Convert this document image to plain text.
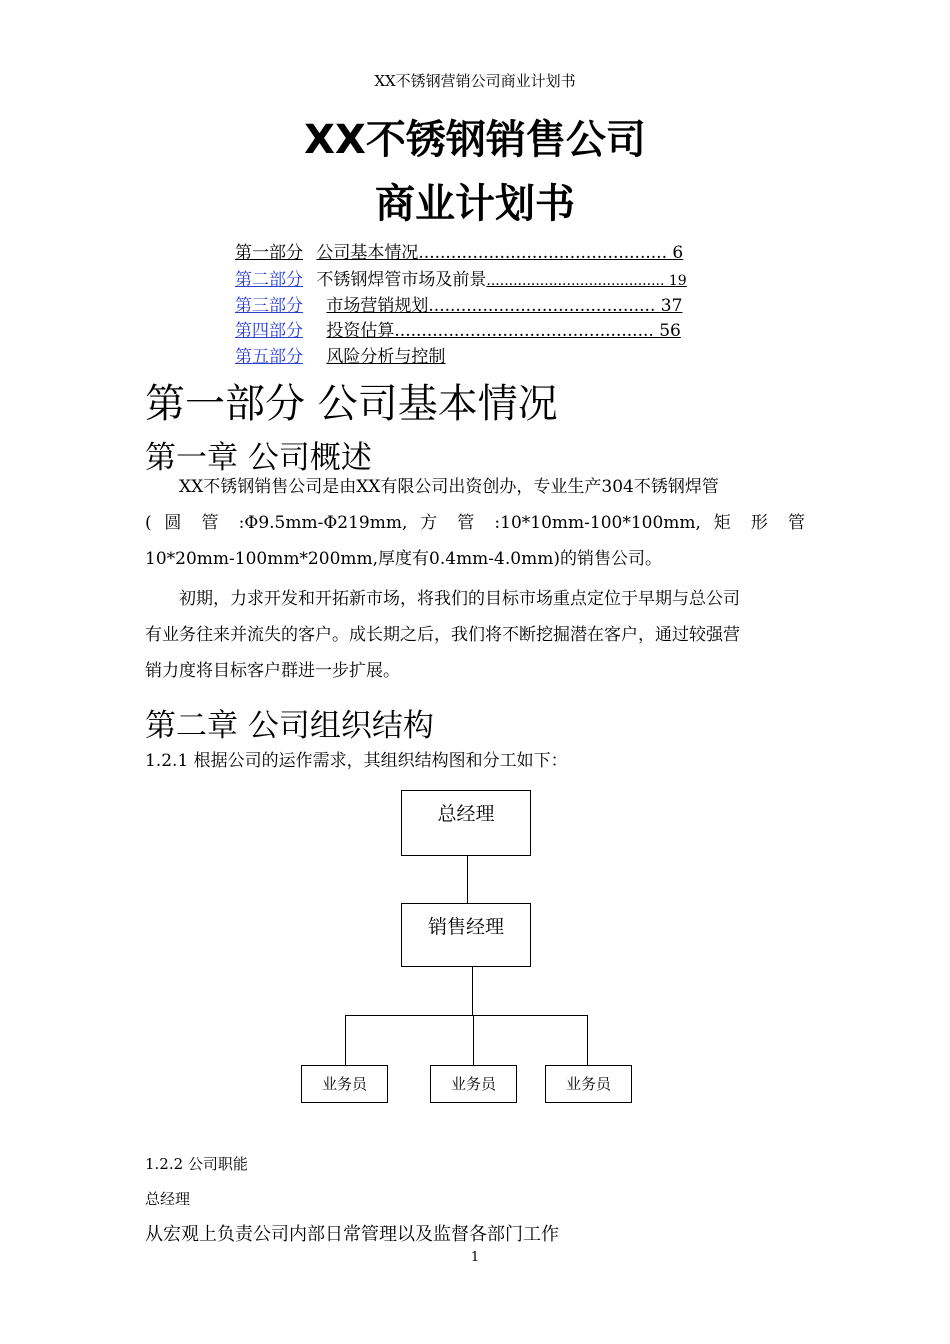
XX不锈钢营销公司商业计划书
XX不锈钢销售公司
商业计划书
第一部分 公司基本情况.............................................. 6
第二部分 不锈钢焊管市场及前景........................................ 19
第三部分 市场营销规划.......................................... 37
第四部分 投资估算................................................ 56
第五部分 风险分析与控制
第一部分 公司基本情况
第一章 公司概述
XX不锈钢销售公司是由XX有限公司出资创办，专业生产304不锈钢焊管
( 圆 管 :Φ9.5mm-Φ219mm, 方 管 :10*10mm-100*100mm, 矩 形 管
10*20mm-100mm*200mm,厚度有0.4mm-4.0mm)的销售公司。
初期，力求开发和开拓新市场，将我们的目标市场重点定位于早期与总公司
有业务往来并流失的客户。成长期之后，我们将不断挖掘潜在客户，通过较强营
销力度将目标客户群进一步扩展。
第二章 公司组织结构
1.2.1 根据公司的运作需求，其组织结构图和分工如下：
总经理
销售经理
业务员	业务员	业务员
1.2.2 公司职能
总经理
从宏观上负责公司内部日常管理以及监督各部门工作
1
